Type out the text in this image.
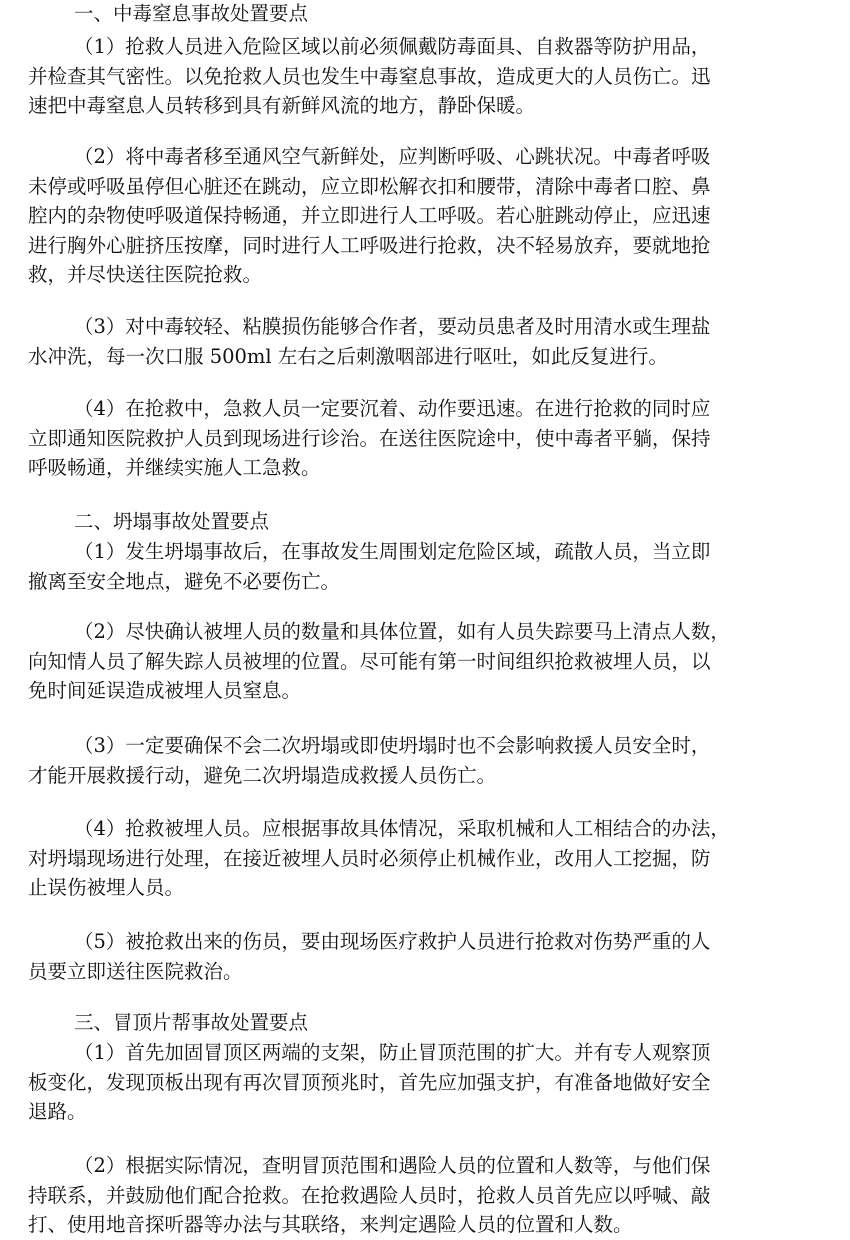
一、中毒窒息事故处置要点
（1）抢救人员进入危险区域以前必须佩戴防毒面具、自救器等防护用品，
并检查其气密性。以免抢救人员也发生中毒窒息事故，造成更大的人员伤亡。迅
速把中毒窒息人员转移到具有新鲜风流的地方，静卧保暖。
（2）将中毒者移至通风空气新鲜处，应判断呼吸、心跳状况。中毒者呼吸
未停或呼吸虽停但心脏还在跳动，应立即松解衣扣和腰带，清除中毒者口腔、鼻
腔内的杂物使呼吸道保持畅通，并立即进行人工呼吸。若心脏跳动停止，应迅速
进行胸外心脏挤压按摩，同时进行人工呼吸进行抢救，决不轻易放弃，要就地抢
救，并尽快送往医院抢救。
（3）对中毒较轻、粘膜损伤能够合作者，要动员患者及时用清水或生理盐
水冲洗，每一次口服 500ml 左右之后刺激咽部进行呕吐，如此反复进行。
（4）在抢救中，急救人员一定要沉着、动作要迅速。在进行抢救的同时应
立即通知医院救护人员到现场进行诊治。在送往医院途中，使中毒者平躺，保持
呼吸畅通，并继续实施人工急救。
二、坍塌事故处置要点
（1）发生坍塌事故后，在事故发生周围划定危险区域，疏散人员，当立即
撤离至安全地点，避免不必要伤亡。
（2）尽快确认被埋人员的数量和具体位置，如有人员失踪要马上清点人数，
向知情人员了解失踪人员被埋的位置。尽可能有第一时间组织抢救被埋人员，以
免时间延误造成被埋人员窒息。
（3）一定要确保不会二次坍塌或即使坍塌时也不会影响救援人员安全时，
才能开展救援行动，避免二次坍塌造成救援人员伤亡。
（4）抢救被埋人员。应根据事故具体情况，采取机械和人工相结合的办法，
对坍塌现场进行处理，在接近被埋人员时必须停止机械作业，改用人工挖掘，防
止误伤被埋人员。
（5）被抢救出来的伤员，要由现场医疗救护人员进行抢救对伤势严重的人
员要立即送往医院救治。
三、冒顶片帮事故处置要点
（1）首先加固冒顶区两端的支架，防止冒顶范围的扩大。并有专人观察顶
板变化，发现顶板出现有再次冒顶预兆时，首先应加强支护，有准备地做好安全
退路。
（2）根据实际情况，查明冒顶范围和遇险人员的位置和人数等，与他们保
持联系，并鼓励他们配合抢救。在抢救遇险人员时，抢救人员首先应以呼喊、敲
打、使用地音探听器等办法与其联络，来判定遇险人员的位置和人数。
